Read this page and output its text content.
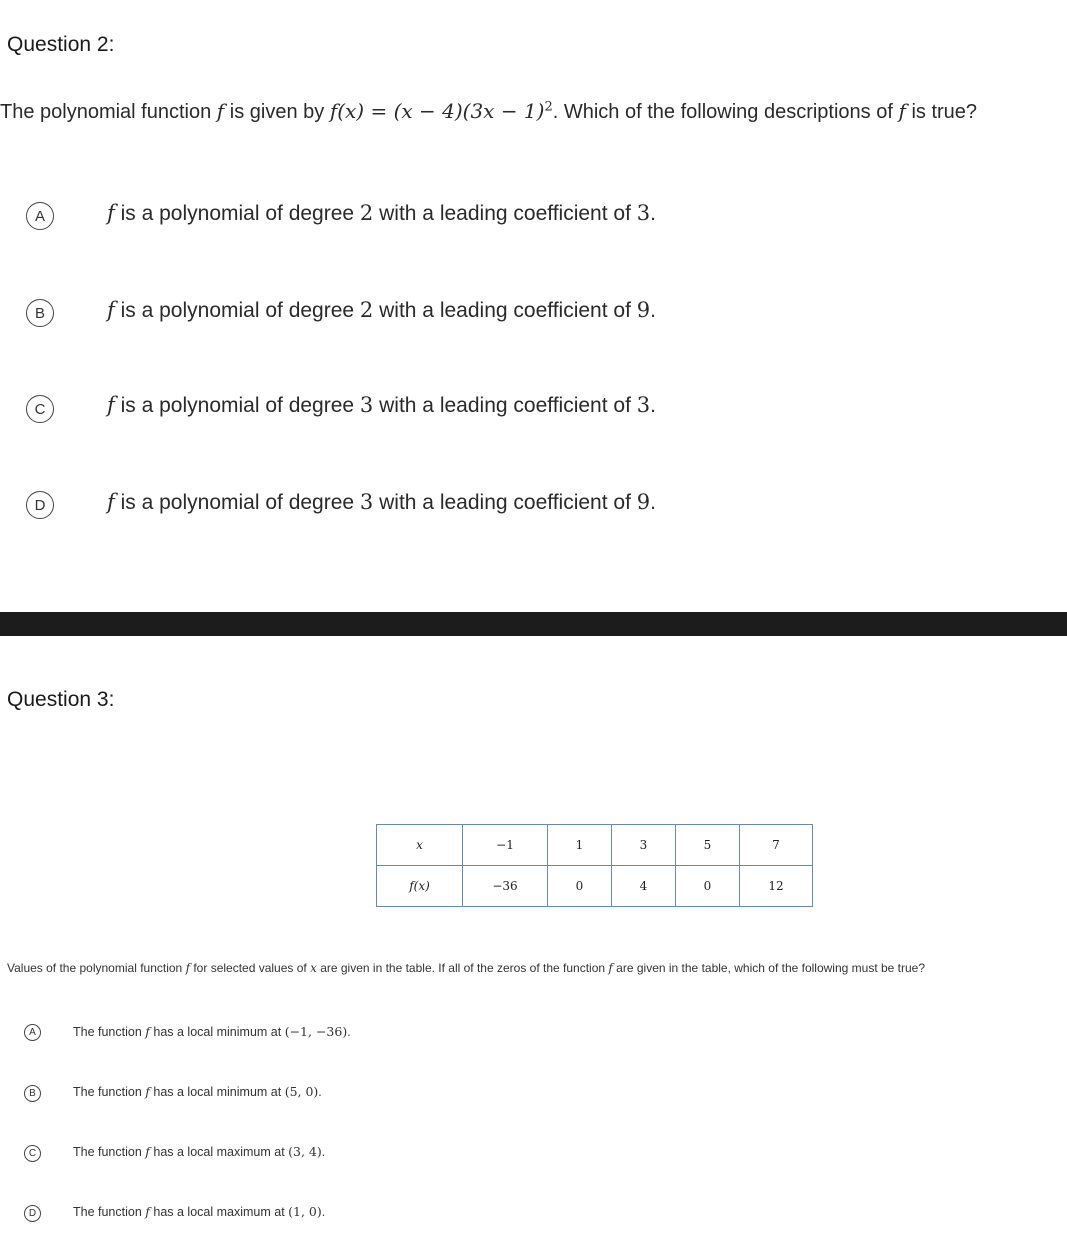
Question 2:
The polynomial function f is given by $f(x) = (x - 4)(3x - 1)^2$. Which of the following descriptions of f is true?
A	f is a polynomial of degree 2 with a leading coefficient of 3.
B	f is a polynomial of degree 2 with a leading coefficient of 9.
C	f is a polynomial of degree 3 with a leading coefficient of 3.
D	f is a polynomial of degree 3 with a leading coefficient of 9.
Question 3:
x	−1	1	3	5	7
f(x)	−36	0	4	0	12
Values of the polynomial function f for selected values of x are given in the table. If all of the zeros of the function f are given in the table, which of the following must be true?
A	The function f has a local minimum at (−1, −36).
B	The function f has a local minimum at (5, 0).
C	The function f has a local maximum at (3, 4).
D	The function f has a local maximum at (1, 0).
